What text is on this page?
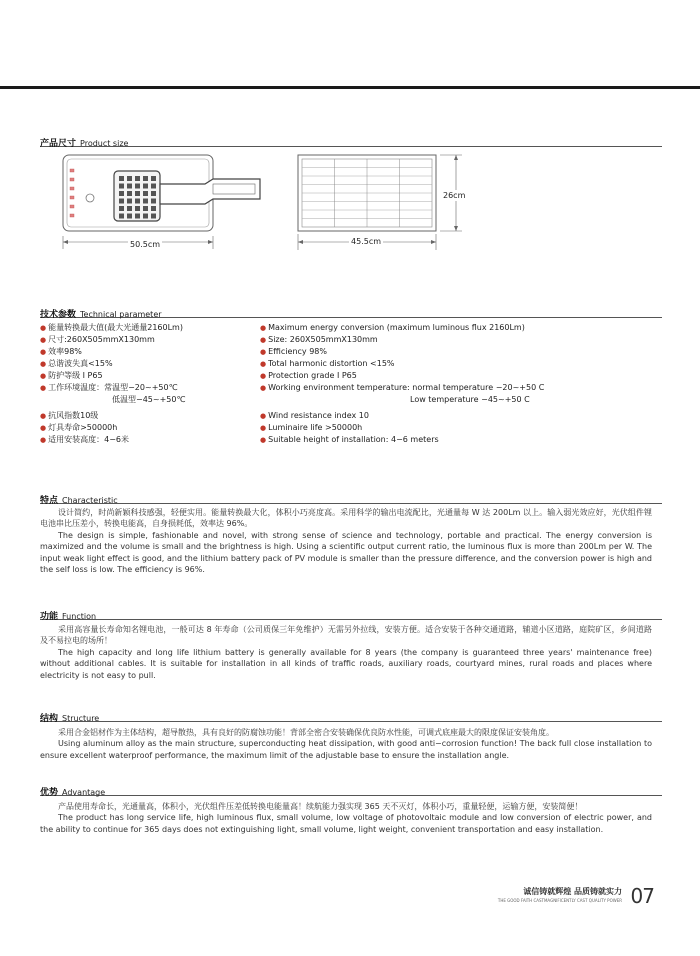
产品尺寸 Product size
50.5cm
26cm
45.5cm
技术参数 Technical parameter
● 能量转换最大值(最大光通量2160Lm)	● Maximum energy conversion (maximum luminous flux 2160Lm)
● 尺寸:260X505mmX130mm	● Size: 260X505mmX130mm
● 效率98%	● Efficiency 98%
● 总谐波失真<15%	● Total harmonic distortion <15%
● 防护等级 I P65	● Protection grade I P65
● 工作环境温度：常温型−20~+50℃	● Working environment temperature: normal temperature −20~+50 C
低温型−45~+50℃	Low temperature −45~+50 C
● 抗风指数10级	● Wind resistance index 10
● 灯具寿命>50000h	● Luminaire life >50000h
● 适用安装高度：4−6米	● Suitable height of installation: 4−6 meters
特点 Characteristic

设计简约，时尚新颖科技感强，轻便实用。能量转换最大化，体积小巧亮度高。采用科学的输出电流配比，光通量每 W 达 200Lm 以上。输入弱光效应好，光伏组件锂电池串比压差小，转换电能高，自身损耗低，效率达 96%。

The design is simple, fashionable and novel, with strong sense of science and technology, portable and practical. The energy conversion is maximized and the volume is small and the brightness is high. Using a scientific output current ratio, the luminous flux is more than 200Lm per W. The input weak light effect is good, and the lithium battery pack of PV module is smaller than the pressure difference, and the conversion power is high and the self loss is low. The efficiency is 96%.

功能 Function

采用高容量长寿命知名锂电池，一般可达 8 年寿命（公司质保三年免维护）无需另外拉线，安装方便。适合安装于各种交通道路，辅道小区道路，庭院矿区，乡间道路及不易拉电的场所！

The high capacity and long life lithium battery is generally available for 8 years (the company is guaranteed three years' maintenance free) without additional cables. It is suitable for installation in all kinds of traffic roads, auxiliary roads, courtyard mines, rural roads and places where electricity is not easy to pull.

结构 Structure

采用合金铝材作为主体结构，超导散热，具有良好的防腐蚀功能！背部全密合安装确保优良防水性能，可调式底座最大的限度保证安装角度。

Using aluminum alloy as the main structure, superconducting heat dissipation, with good anti−corrosion function! The back full close installation to ensure excellent waterproof performance, the maximum limit of the adjustable base to ensure the installation angle.

优势 Advantage

产品使用寿命长，光通量高，体积小，光伏组件压差低转换电能量高！续航能力强实现 365 天不灭灯，体积小巧，重量轻便，运输方便，安装简便！

The product has long service life, high luminous flux, small volume, low voltage of photovoltaic module and low conversion of electric power, and the ability to continue for 365 days does not extinguishing light, small volume, light weight, convenient transportation and easy installation.

诚信铸就辉煌 品质铸就实力
THE GOOD FAITH CASTMAGNIFICENTLY CAST QUALITY POWER 07
